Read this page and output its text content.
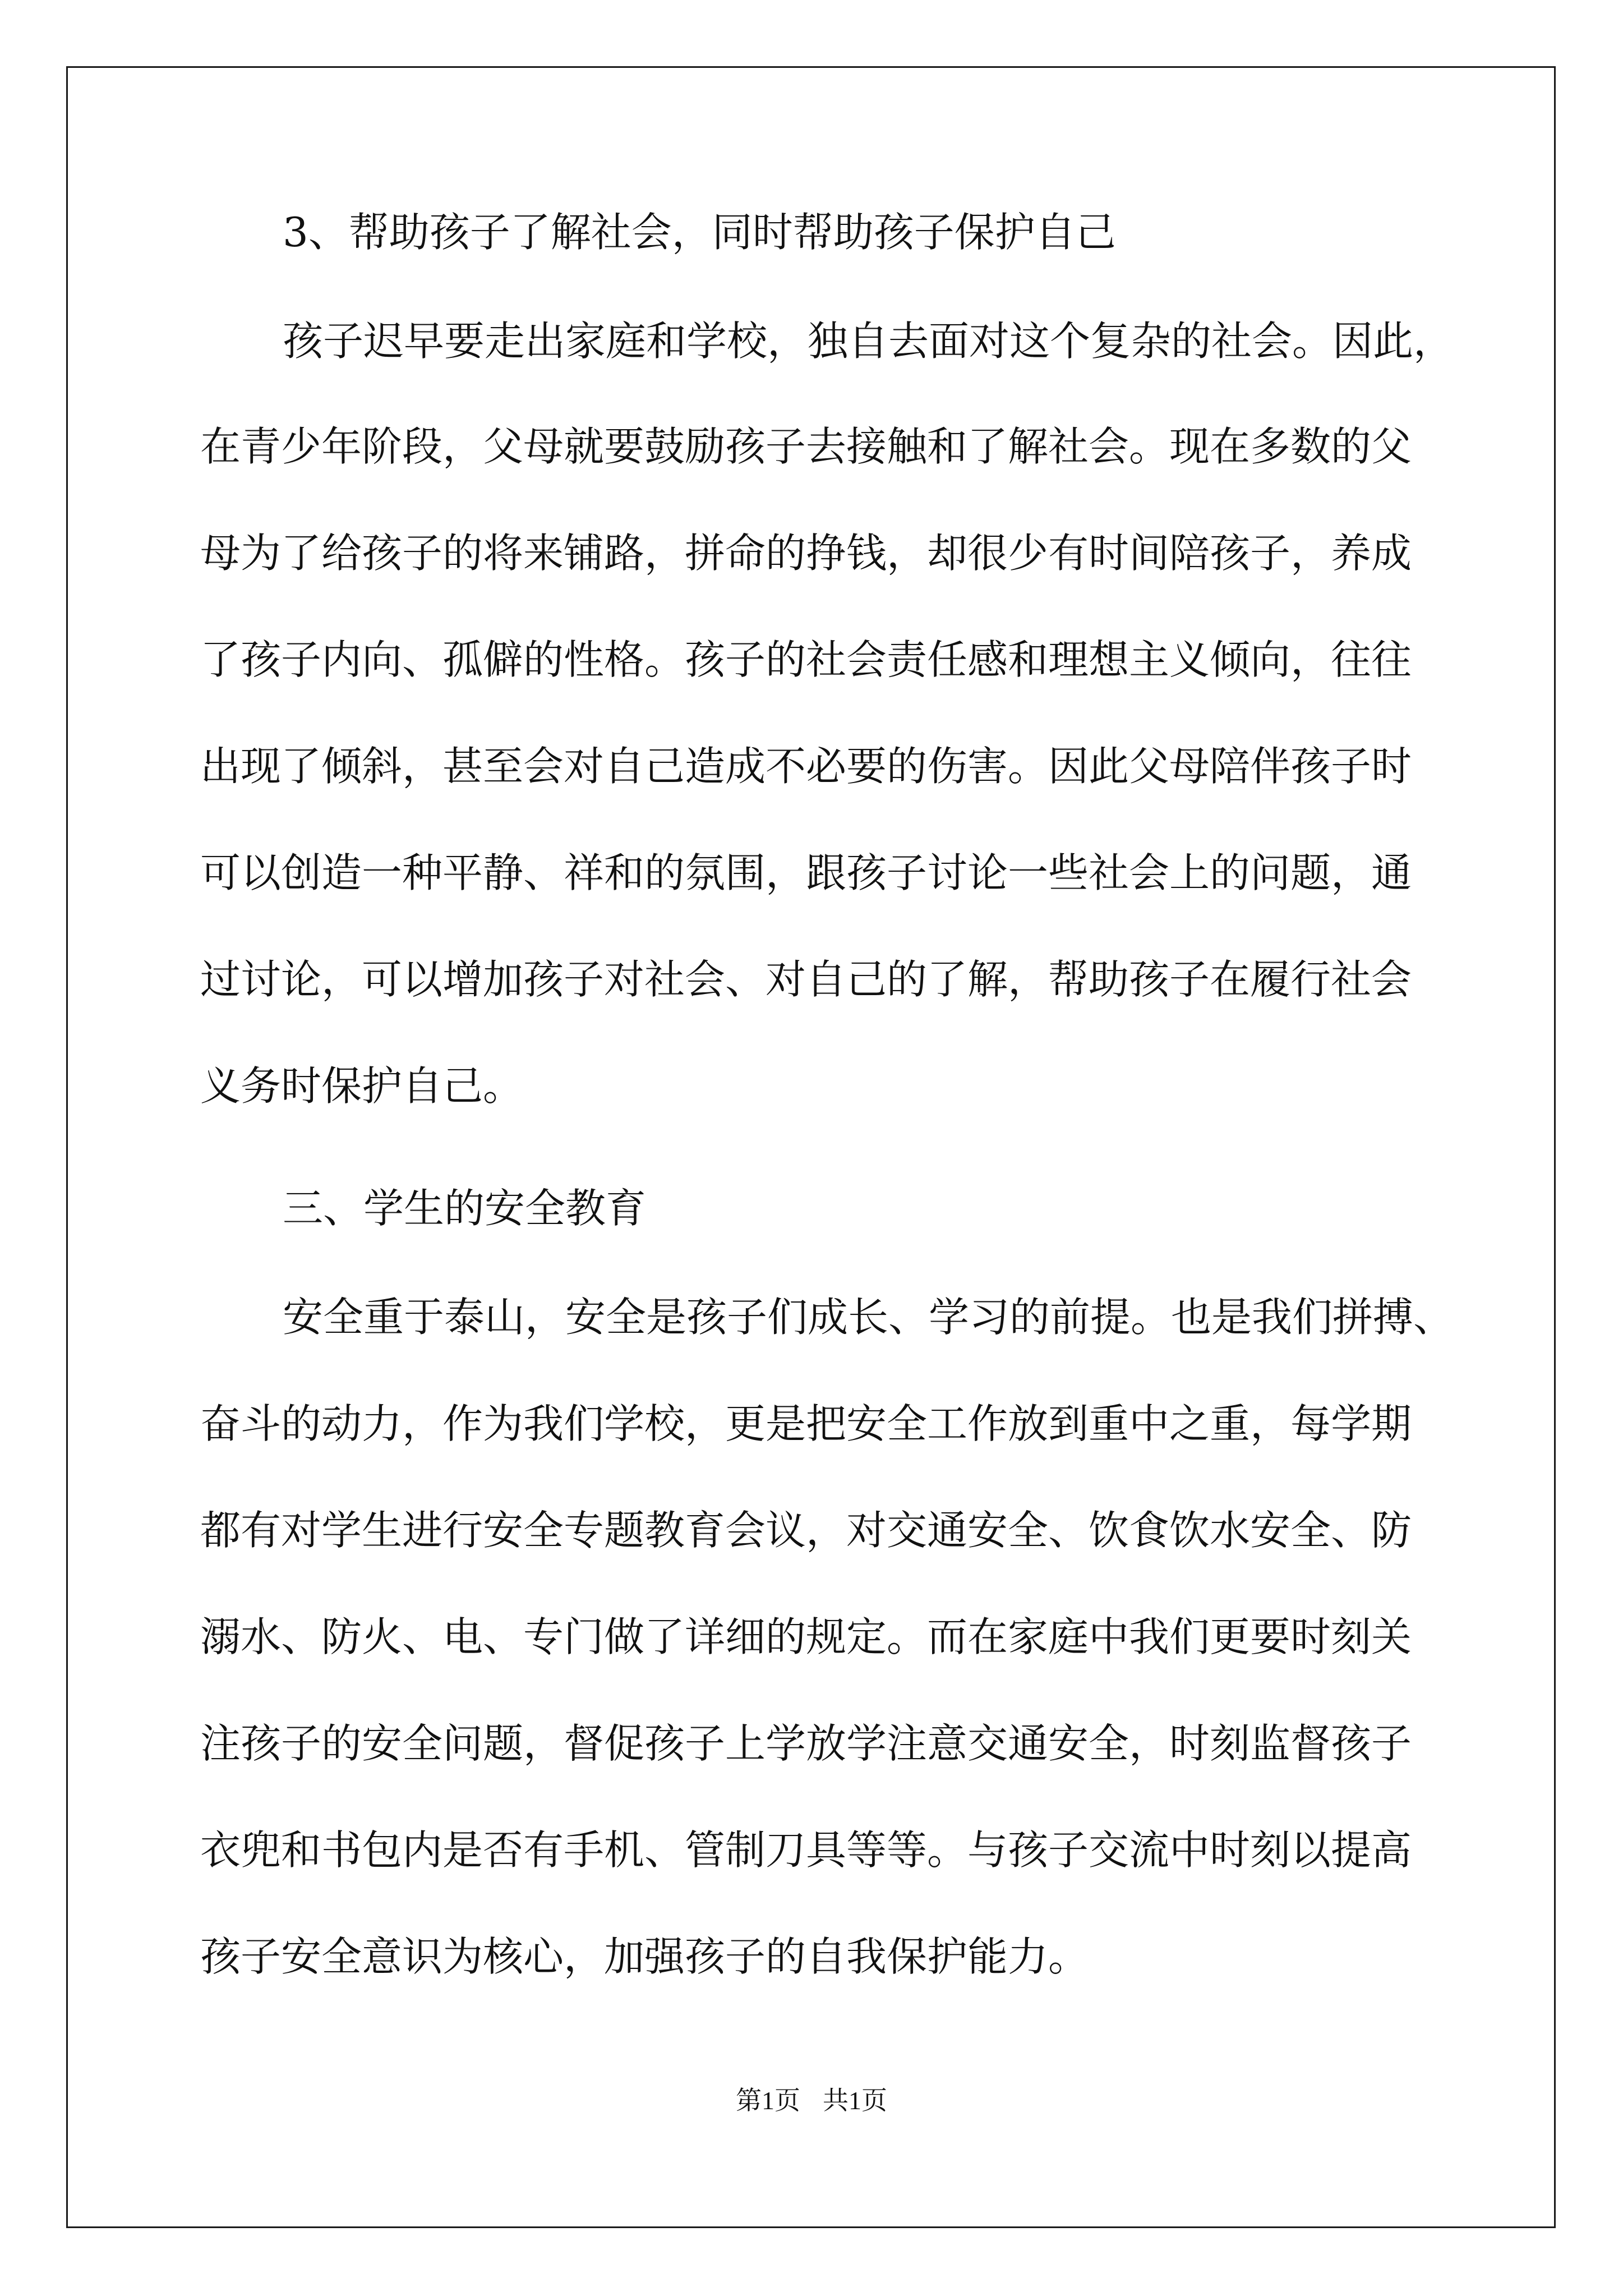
3、帮助孩子了解社会，同时帮助孩子保护自己
孩子迟早要走出家庭和学校，独自去面对这个复杂的社会。因此，
在青少年阶段，父母就要鼓励孩子去接触和了解社会。现在多数的父
母为了给孩子的将来铺路，拼命的挣钱，却很少有时间陪孩子，养成
了孩子内向、孤僻的性格。孩子的社会责任感和理想主义倾向，往往
出现了倾斜，甚至会对自己造成不必要的伤害。因此父母陪伴孩子时
可以创造一种平静、祥和的氛围，跟孩子讨论一些社会上的问题，通
过讨论，可以增加孩子对社会、对自己的了解，帮助孩子在履行社会
义务时保护自己。
三、学生的安全教育
安全重于泰山，安全是孩子们成长、学习的前提。也是我们拼搏、
奋斗的动力，作为我们学校，更是把安全工作放到重中之重，每学期
都有对学生进行安全专题教育会议，对交通安全、饮食饮水安全、防
溺水、防火、电、专门做了详细的规定。而在家庭中我们更要时刻关
注孩子的安全问题，督促孩子上学放学注意交通安全，时刻监督孩子
衣兜和书包内是否有手机、管制刀具等等。与孩子交流中时刻以提高
孩子安全意识为核心，加强孩子的自我保护能力。
第1页 共1页
